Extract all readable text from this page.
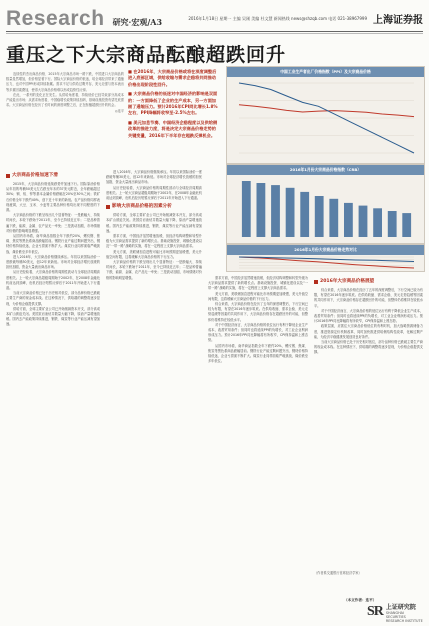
Research 研究·宏观/A3	2016年1月18日 星期一 主编 吴刚 美编 杜文慧 新闻热线 news@shzqb.com 电话 021-38967999 上海证券报
重压之下大宗商品酝酿超跌回升

连续性的杰出商品价格、2015年大宗商品市场一路下跌，中国进口大宗商品的数量虽然增加，但价格显著下行。国际大宗商品价格的低迷，给全球经济带来了通缩压力，也对中国PPI形成持续拖累。需求不足与供给过剩并存，美元走强与资本流出等多重因素叠加，使得大宗商品价格难以形成趋势性反弹。

在此，一系列的变化正在发生。从供给角度看，持续低价已经导致部分高成本产能退出市场；从需求角度看，中国稳增长政策持续加码，基础设施投资有望托底需求。大宗商品价格在经历了长时间的深度调整之后，正在酝酿超跌回升的机会。

◎连平

■ 在2016年，大宗商品价格或将在深度调整后进入底部区域，供给收缩与需求企稳将共同推动价格出现阶段性回升。

■ 大宗商品价格的低迷对中国经济的影响是双面的：一方面降低了企业的生产成本，另一方面加剧了通缩压力。预计2016年CPI同比增长1.8%左右，PPI降幅将收窄至-2.5%左右。

■ 美元加息节奏、中国经济企稳程度以及供给侧改革的推进力度，将是决定大宗商品价格走势的关键变量，2016年下半年存在超跌反弹机会。

中国工业生产者出厂价格指数（PPI）及大宗商品价格
2016年1月份大宗商品价格指数（CRB）
2016年1月份大宗商品价格走势对比

大宗商品价格加速下滑

2015年，大宗商品价格延续跌势并加速下行。国际原油价格从年初的每桶50美元左右跌至年末的37美元附近，全年跌幅超过30%；铜、铝、锌等基本金属价格跌幅在20%至30%之间；铁矿石价格全年下跌约40%，创下近十年来的新低。农产品价格同样表现疲弱，大豆、玉米、小麦等主要品种价格均出现不同程度的下滑。

大宗商品价格的下跌呈现出几个显著特征：一是跌幅大、持续时间长，本轮下跌始于2011年，至今已持续近五年；二是品种普遍下跌，能源、金属、农产品无一幸免；三是波动加剧，市场情绪对价格的影响明显增强。

从国内市场看，南华商品指数全年下跌约20%，螺纹钢、焦煤、焦炭等黑色系商品跌幅居前。钢铁行业产能过剩问题突出，钢材价格持续低迷，企业亏损面不断扩大。煤炭行业同样面临严峻挑战，煤价跌至多年低位。

进入2016年，大宗商品价格继续承压。年初以来国际油价一度跌破每桶30美元，创12年来新低。市场对全球经济增长放缓的担忧加剧，资金大量流出商品市场。

从历史经验看，大宗商品价格的周期性波动与全球经济周期高度相关。上一轮大宗商品超级周期始于2002年，在2008年金融危机前达到顶峰，危机后经历短暂反弹后于2011年开始进入下行通道。

当前大宗商品价格已处于历史相对低位，部分品种价格已跌破主要生产商的现金成本线。在这种情况下，供给端的调整将逐步显现，为价格企稳提供支撑。

供给方面，全球主要矿业公司已开始削减资本开支，部分高成本矿山被迫关闭。美国页岩油钻井数量大幅下降，原油产量增速放缓。国内去产能政策持续推进，钢铁、煤炭等行业产能压减有望加速。

进入2016年，大宗商品价格继续承压。年初以来国际油价一度跌破每桶30美元，创12年来新低。市场对全球经济增长放缓的担忧加剧，资金大量流出商品市场。

从历史经验看，大宗商品价格的周期性波动与全球经济周期高度相关。上一轮大宗商品超级周期始于2002年，在2008年金融危机前达到顶峰，危机后经历短暂反弹后于2011年开始进入下行通道。

影响大宗商品价格的因素分析

供给方面，全球主要矿业公司已开始削减资本开支，部分高成本矿山被迫关闭。美国页岩油钻井数量大幅下降，原油产量增速放缓。国内去产能政策持续推进，钢铁、煤炭等行业产能压减有望加速。

需求方面，中国经济虽然增速放缓，但经济结构调整和转型升级为大宗商品需求提供了新的增长点。基础设施投资、城镇化建设以及“一带一路”战略的实施，将在一定程度上支撑大宗商品需求。

美元方面，美联储加息进程可能比市场预期更加缓慢，美元升值空间有限，这将缓解大宗商品价格的下行压力。

大宗商品价格的下跌呈现出几个显著特征：一是跌幅大、持续时间长，本轮下跌始于2011年，至今已持续近五年；二是品种普遍下跌，能源、金属、农产品无一幸免；三是波动加剧，市场情绪对价格的影响明显增强。	需求方面，中国经济虽然增速放缓，但经济结构调整和转型升级为大宗商品需求提供了新的增长点。基础设施投资、城镇化建设以及“一带一路”战略的实施，将在一定程度上支撑大宗商品需求。

美元方面，美联储加息进程可能比市场预期更加缓慢，美元升值空间有限，这将缓解大宗商品价格的下行压力。

综合来看，大宗商品价格在经历了五年的深度调整后，下行空间已较为有限，有望在2016年逐步筑底。在供给收缩、需求企稳、美元走势趋缓等因素的共同作用下，大宗商品价格存在超跌回升的可能，但整体仍将维持在较低水平。

对于中国经济而言，大宗商品价格的低位运行有利于降低企业生产成本，改善贸易条件；但同时也将延续PPI的负增长，对工业企业利润形成压力。预计2016年PPI同比降幅将有所收窄，CPI保持温和上涨态势。

从国内市场看，南华商品指数全年下跌约20%，螺纹钢、焦煤、焦炭等黑色系商品跌幅居前。钢铁行业产能过剩问题突出，钢材价格持续低迷，企业亏损面不断扩大。煤炭行业同样面临严峻挑战，煤价跌至多年低位。

2016年大宗商品价格展望

综合来看，大宗商品价格在经历了五年的深度调整后，下行空间已较为有限，有望在2016年逐步筑底。在供给收缩、需求企稳、美元走势趋缓等因素的共同作用下，大宗商品价格存在超跌回升的可能，但整体仍将维持在较低水平。

对于中国经济而言，大宗商品价格的低位运行有利于降低企业生产成本，改善贸易条件；但同时也将延续PPI的负增长，对工业企业利润形成压力。预计2016年PPI同比降幅将有所收窄，CPI保持温和上涨态势。

政策层面，应抓住大宗商品价格低位的有利时机，加大战略资源储备力度，推进资源定价机制改革，同时加快推进供给侧结构性改革，化解过剩产能，为经济平稳健康发展创造良好条件。

当前大宗商品价格已处于历史相对低位，部分品种价格已跌破主要生产商的现金成本线。在这种情况下，供给端的调整将逐步显现，为价格企稳提供支撑。

（作者系交通银行首席经济学家）
（本文作者：连平）
SR 上证研究院
SHANGHAI SECURITIES RESEARCH INSTITUTE
